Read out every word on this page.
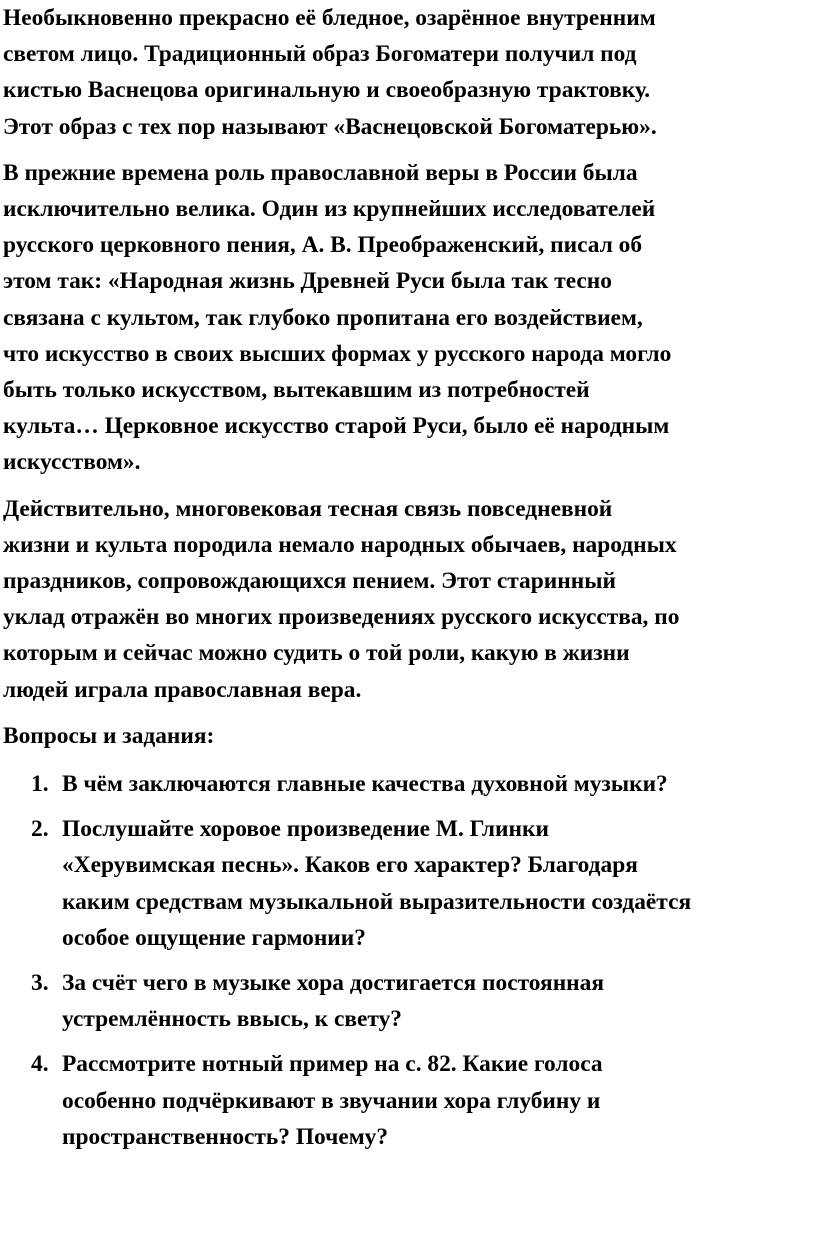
Необыкновенно прекрасно её бледное, озарённое внутренним
светом лицо. Традиционный образ Богоматери получил под
кистью Васнецова оригинальную и своеобразную трактовку.
Этот образ с тех пор называют «Васнецовской Богоматерью».
В прежние времена роль православной веры в России была
исключительно велика. Один из крупнейших исследователей
русского церковного пения, А. В. Преображенский, писал об
этом так: «Народная жизнь Древней Руси была так тесно
связана с культом, так глубоко пропитана его воздействием,
что искусство в своих высших формах у русского народа могло
быть только искусством, вытекавшим из потребностей
культа… Церковное искусство старой Руси, было её народным
искусством».
Действительно, многовековая тесная связь повседневной
жизни и культа породила немало народных обычаев, народных
праздников, сопровождающихся пением. Этот старинный
уклад отражён во многих произведениях русского искусства, по
которым и сейчас можно судить о той роли, какую в жизни
людей играла православная вера.
Вопросы и задания:
1. В чём заключаются главные качества духовной музыки?
2. Послушайте хоровое произведение М. Глинки
«Херувимская песнь». Каков его характер? Благодаря
каким средствам музыкальной выразительности создаётся
особое ощущение гармонии?
3. За счёт чего в музыке хора достигается постоянная
устремлённость ввысь, к свету?
4. Рассмотрите нотный пример на с. 82. Какие голоса
особенно подчёркивают в звучании хора глубину и
пространственность? Почему?
